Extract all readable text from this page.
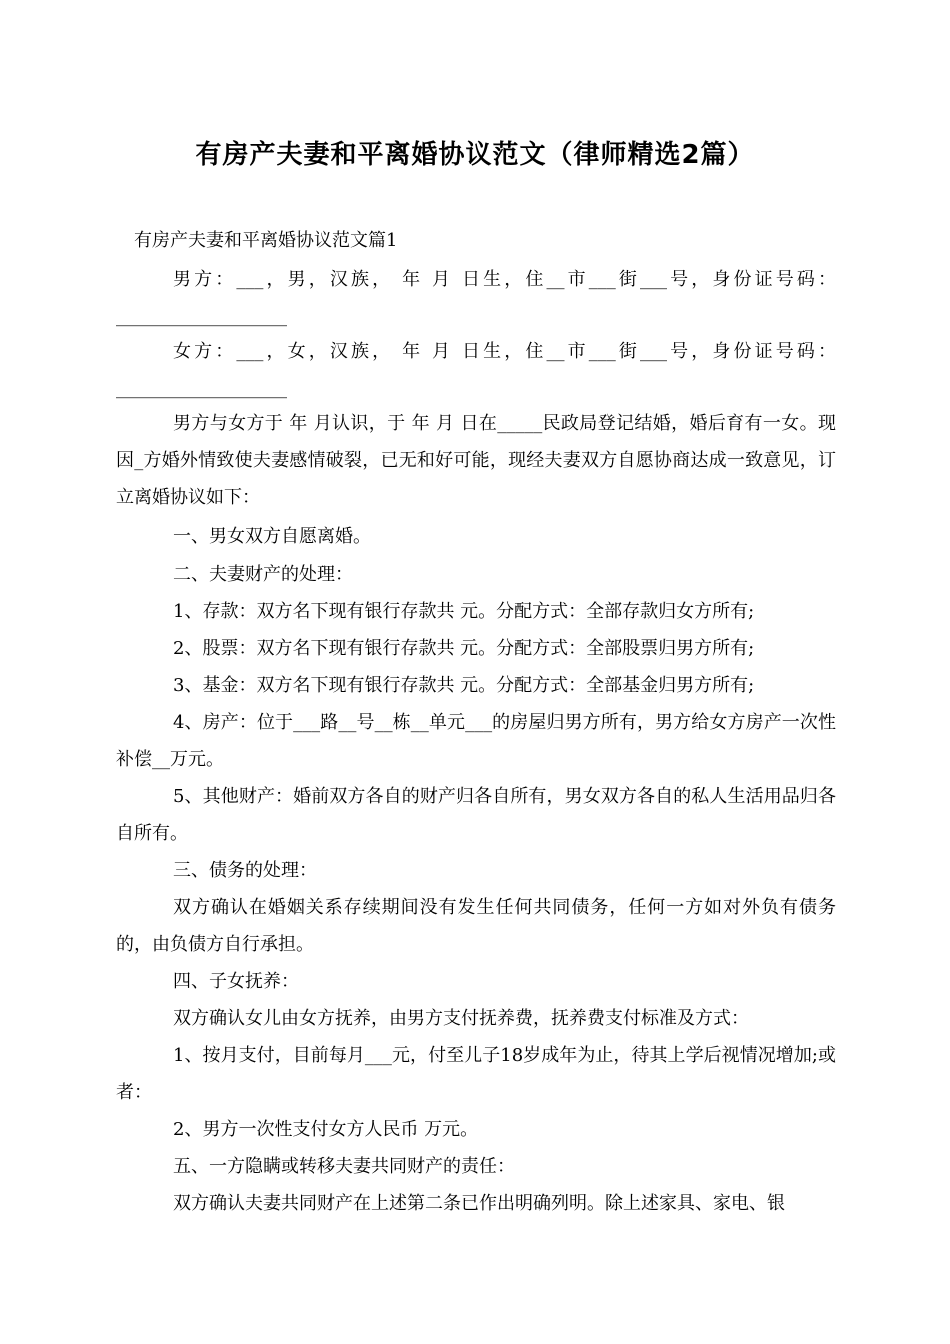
有房产夫妻和平离婚协议范文（律师精选2篇）
有房产夫妻和平离婚协议范文篇1

男方：___，男，汉族， 年 月 日生，住__市___街___号，身份证号码：___________________

女方：___，女，汉族， 年 月 日生，住__市___街___号，身份证号码：___________________

男方与女方于 年 月认识，于 年 月 日在_____民政局登记结婚，婚后育有一女。现因_方婚外情致使夫妻感情破裂，已无和好可能，现经夫妻双方自愿协商达成一致意见，订立离婚协议如下：

一、男女双方自愿离婚。

二、夫妻财产的处理：

1、存款：双方名下现有银行存款共 元。分配方式：全部存款归女方所有;

2、股票：双方名下现有银行存款共 元。分配方式：全部股票归男方所有;

3、基金：双方名下现有银行存款共 元。分配方式：全部基金归男方所有;

4、房产：位于___路__号__栋__单元___的房屋归男方所有，男方给女方房产一次性补偿__万元。

5、其他财产：婚前双方各自的财产归各自所有，男女双方各自的私人生活用品归各自所有。

三、债务的处理：

双方确认在婚姻关系存续期间没有发生任何共同债务，任何一方如对外负有债务的，由负债方自行承担。

四、子女抚养：

双方确认女儿由女方抚养，由男方支付抚养费，抚养费支付标准及方式：

1、按月支付，目前每月___元，付至儿子18岁成年为止，待其上学后视情况增加;或者：

2、男方一次性支付女方人民币 万元。

五、一方隐瞒或转移夫妻共同财产的责任：

双方确认夫妻共同财产在上述第二条已作出明确列明。除上述家具、家电、银
